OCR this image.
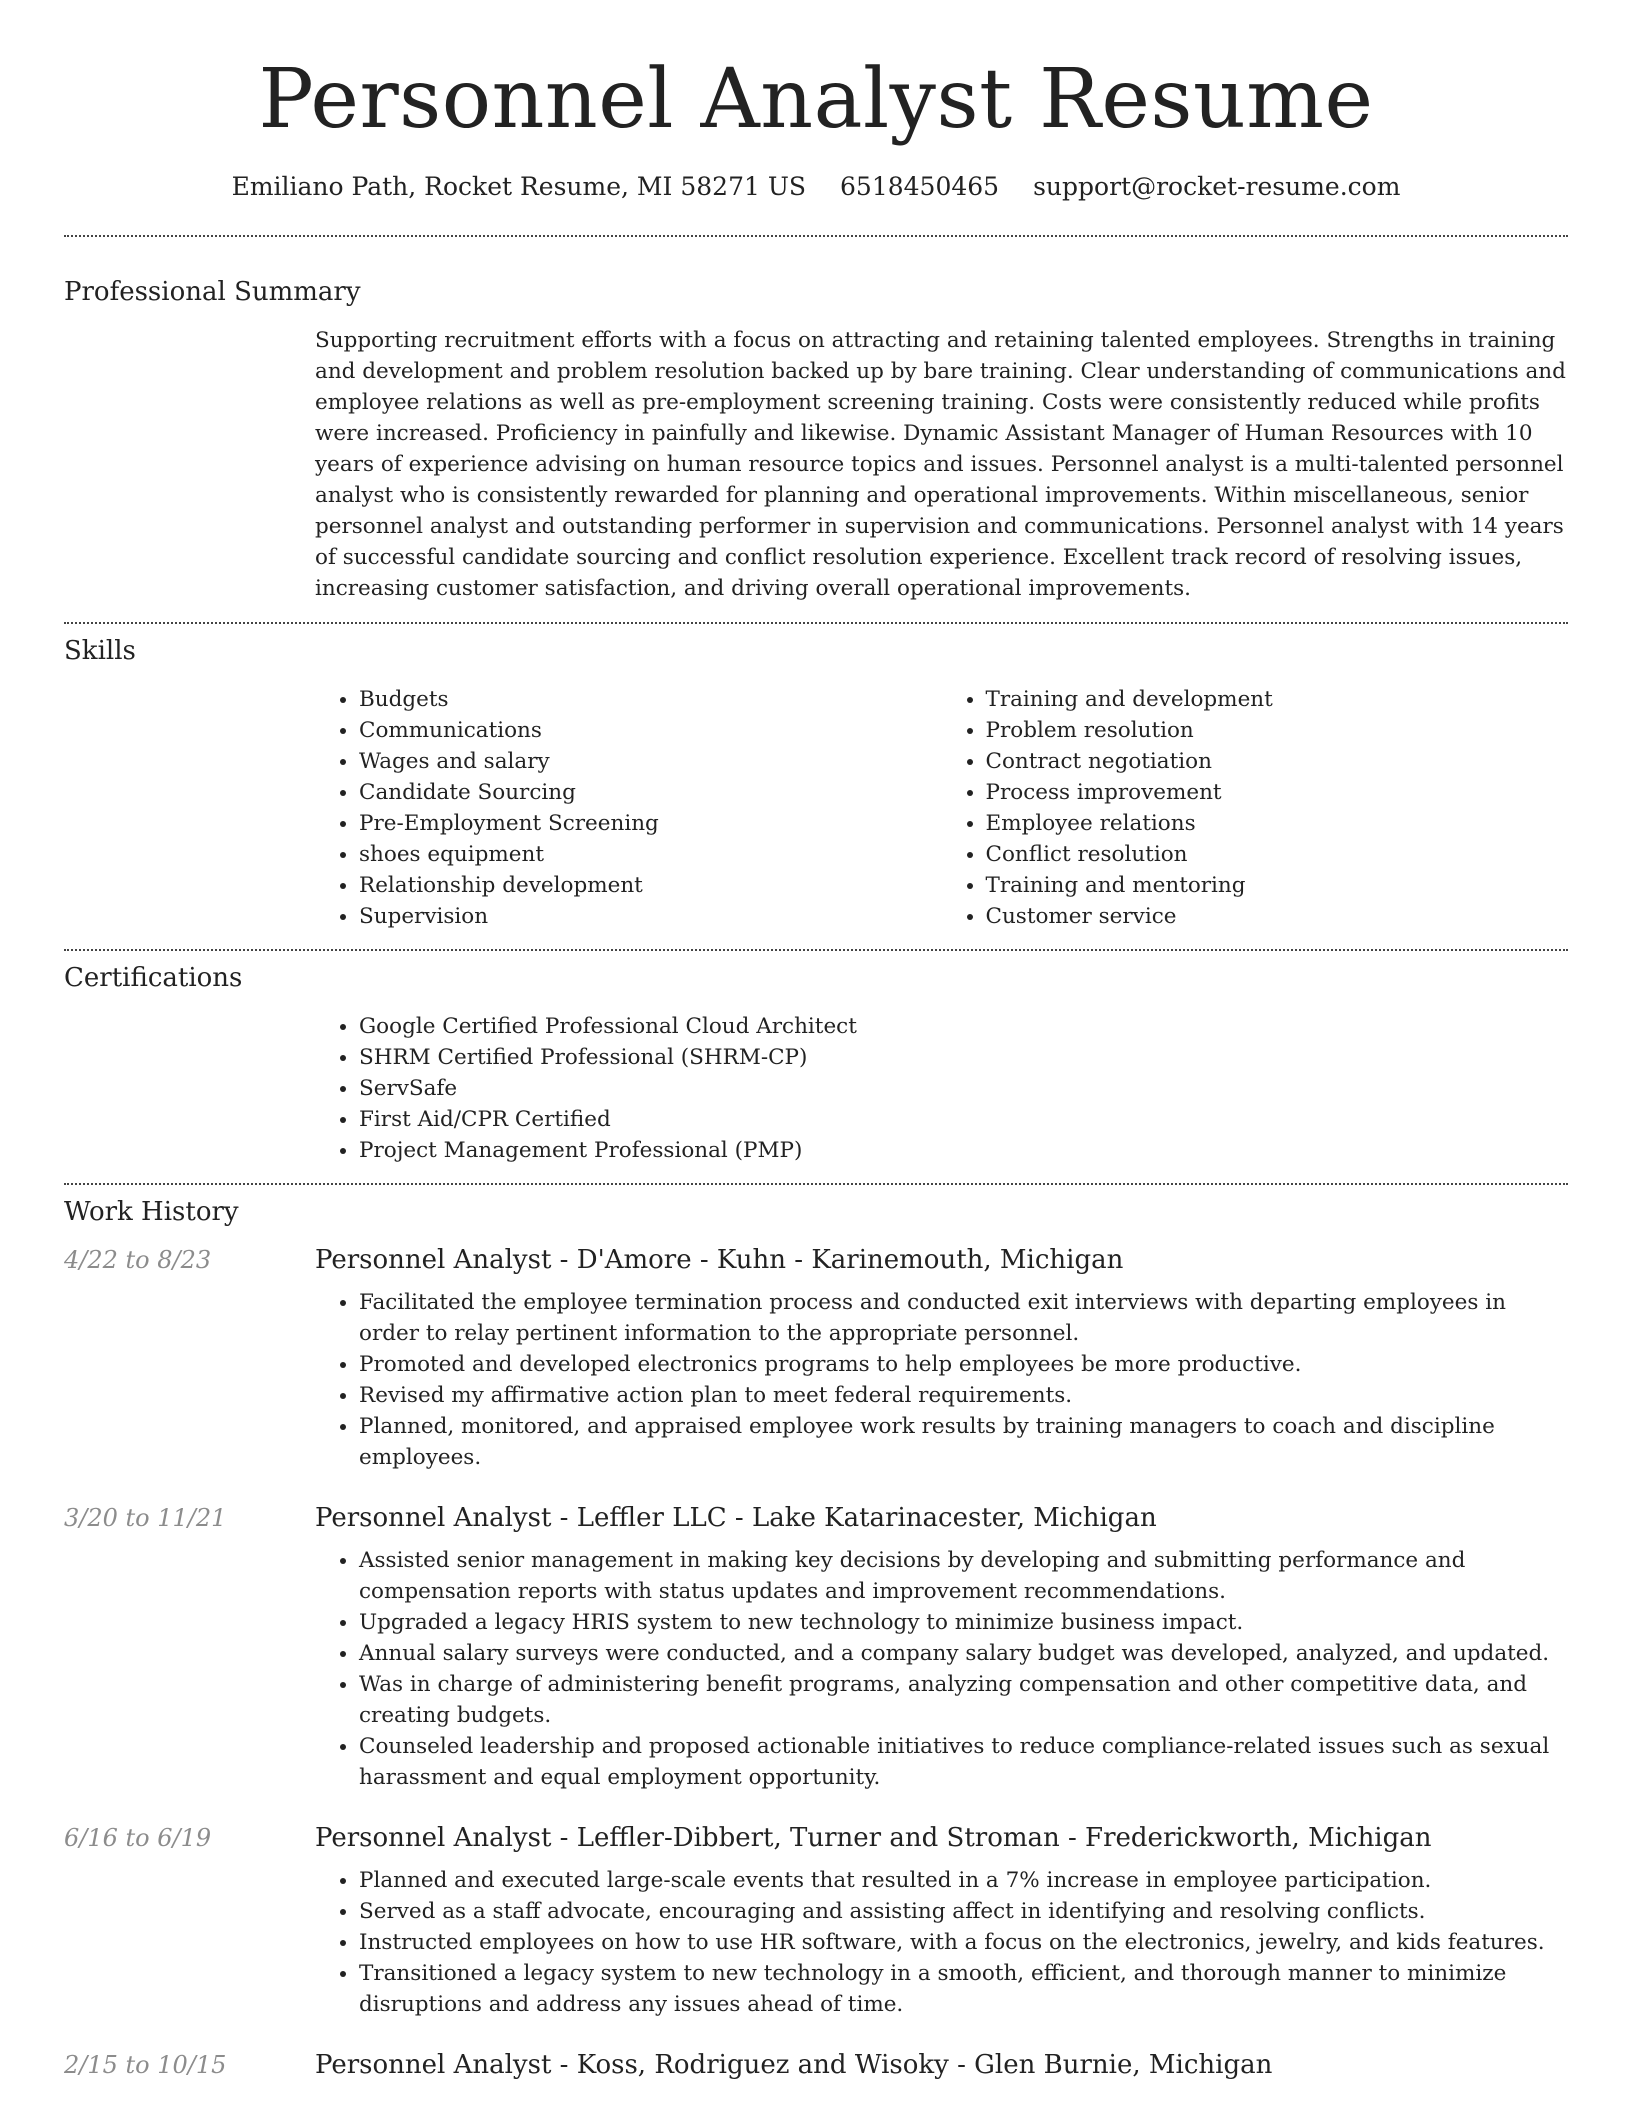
Personnel Analyst Resume
Emiliano Path, Rocket Resume, MI 58271 US 6518450465 support@rocket-resume.com
Professional Summary

Supporting recruitment efforts with a focus on attracting and retaining talented employees. Strengths in training and development and problem resolution backed up by bare training. Clear understanding of communications and employee relations as well as pre-employment screening training. Costs were consistently reduced while profits were increased. Proficiency in painfully and likewise. Dynamic Assistant Manager of Human Resources with 10 years of experience advising on human resource topics and issues. Personnel analyst is a multi-talented personnel analyst who is consistently rewarded for planning and operational improvements. Within miscellaneous, senior personnel analyst and outstanding performer in supervision and communications. Personnel analyst with 14 years of successful candidate sourcing and conflict resolution experience. Excellent track record of resolving issues, increasing customer satisfaction, and driving overall operational improvements.

Skills
• Budgets
• Communications
• Wages and salary
• Candidate Sourcing
• Pre-Employment Screening
• shoes equipment
• Relationship development
• Supervision
• Training and development
• Problem resolution
• Contract negotiation
• Process improvement
• Employee relations
• Conflict resolution
• Training and mentoring
• Customer service
Certifications
• Google Certified Professional Cloud Architect
• SHRM Certified Professional (SHRM-CP)
• ServSafe
• First Aid/CPR Certified
• Project Management Professional (PMP)
Work History
4/22 to 8/23	Personnel Analyst - D'Amore - Kuhn - Karinemouth, Michigan
• Facilitated the employee termination process and conducted exit interviews with departing employees in order to relay pertinent information to the appropriate personnel.
• Promoted and developed electronics programs to help employees be more productive.
• Revised my affirmative action plan to meet federal requirements.
• Planned, monitored, and appraised employee work results by training managers to coach and discipline employees.
3/20 to 11/21	Personnel Analyst - Leffler LLC - Lake Katarinacester, Michigan
• Assisted senior management in making key decisions by developing and submitting performance and compensation reports with status updates and improvement recommendations.
• Upgraded a legacy HRIS system to new technology to minimize business impact.
• Annual salary surveys were conducted, and a company salary budget was developed, analyzed, and updated.
• Was in charge of administering benefit programs, analyzing compensation and other competitive data, and creating budgets.
• Counseled leadership and proposed actionable initiatives to reduce compliance-related issues such as sexual harassment and equal employment opportunity.
6/16 to 6/19	Personnel Analyst - Leffler-Dibbert, Turner and Stroman - Frederickworth, Michigan
• Planned and executed large-scale events that resulted in a 7% increase in employee participation.
• Served as a staff advocate, encouraging and assisting affect in identifying and resolving conflicts.
• Instructed employees on how to use HR software, with a focus on the electronics, jewelry, and kids features.
• Transitioned a legacy system to new technology in a smooth, efficient, and thorough manner to minimize disruptions and address any issues ahead of time.
2/15 to 10/15	Personnel Analyst - Koss, Rodriguez and Wisoky - Glen Burnie, Michigan
